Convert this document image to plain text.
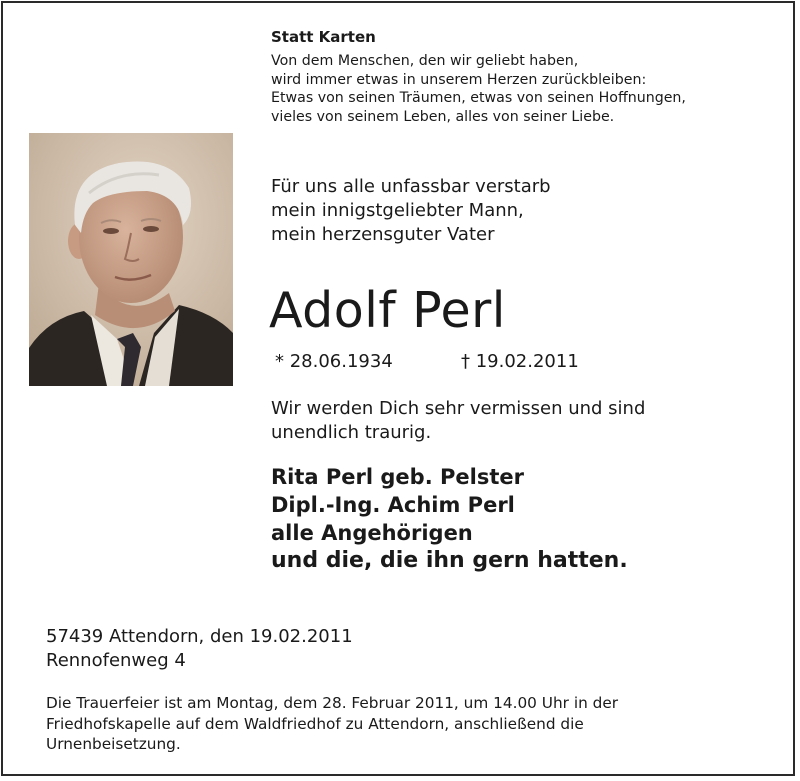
Statt Karten
Von dem Menschen, den wir geliebt haben,
wird immer etwas in unserem Herzen zurückbleiben:
Etwas von seinen Träumen, etwas von seinen Hoffnungen,
vieles von seinem Leben, alles von seiner Liebe.
Für uns alle unfassbar verstarb
mein innigstgeliebter Mann,
mein herzensguter Vater
Adolf Perl
* 28.06.1934	† 19.02.2011
Wir werden Dich sehr vermissen und sind
unendlich traurig.
Rita Perl geb. Pelster
Dipl.-Ing. Achim Perl
alle Angehörigen
und die, die ihn gern hatten.
57439 Attendorn, den 19.02.2011
Rennofenweg 4
Die Trauerfeier ist am Montag, dem 28. Februar 2011, um 14.00 Uhr in der
Friedhofskapelle auf dem Waldfriedhof zu Attendorn, anschließend die
Urnenbeisetzung.
